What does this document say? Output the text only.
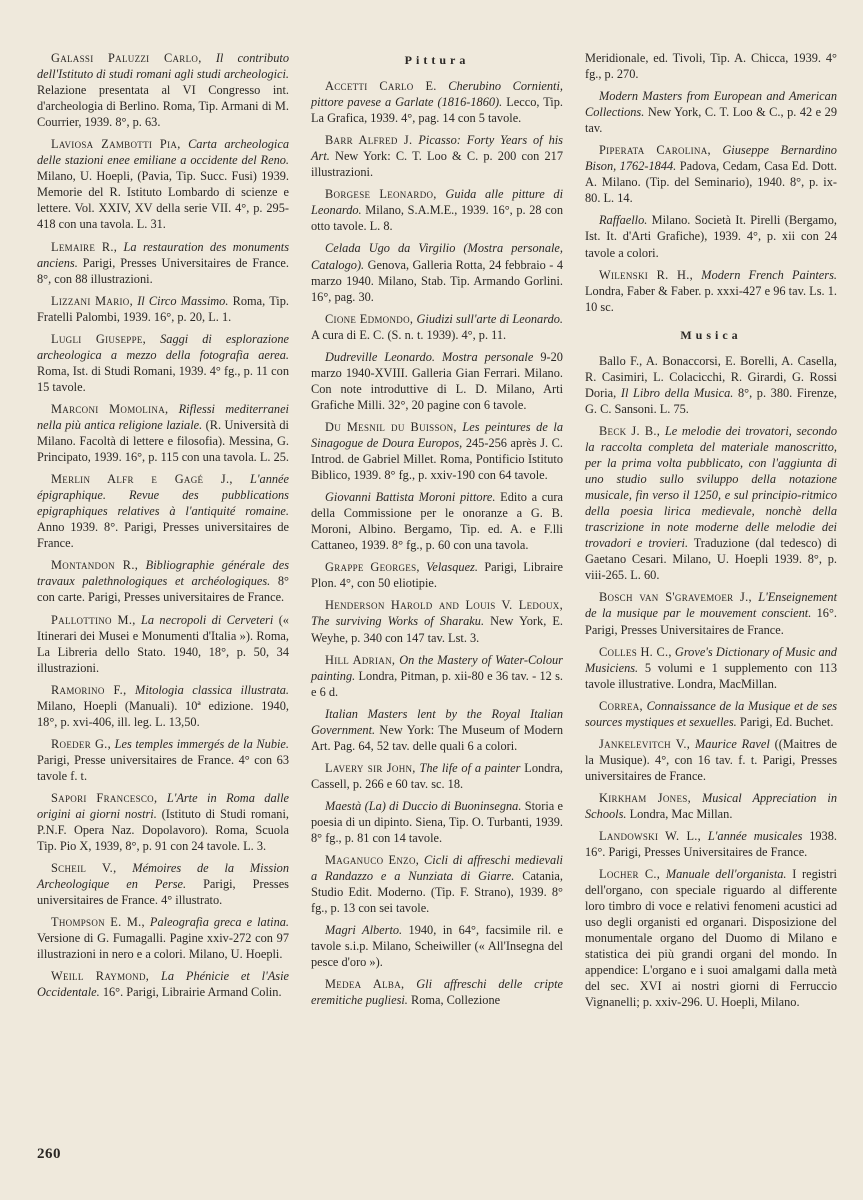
Galassi Paluzzi Carlo, Il contributo dell'Istituto di studi romani agli studi archeologici. Relazione presentata al VI Congresso int. d'archeologia di Berlino. Roma, Tip. Armani di M. Courrier, 1939. 8°, p. 63.

Laviosa Zambotti Pia, Carta archeologica delle stazioni enee emiliane a occidente del Reno. Milano, U. Hoepli, (Pavia, Tip. Succ. Fusi) 1939. Memorie del R. Istituto Lombardo di scienze e lettere. Vol. XXIV, XV della serie VII. 4°, p. 295-418 con una tavola. L. 31.

Lemaire R., La restauration des monuments anciens. Parigi, Presses Universitaires de France. 8°, con 88 illustrazioni.

Lizzani Mario, Il Circo Massimo. Roma, Tip. Fratelli Palombi, 1939. 16°, p. 20, L. 1.

Lugli Giuseppe, Saggi di esplorazione archeologica a mezzo della fotografia aerea. Roma, Ist. di Studi Romani, 1939. 4° fg., p. 11 con 15 tavole.

Marconi Momolina, Riflessi mediterranei nella più antica religione laziale. (R. Università di Milano. Facoltà di lettere e filosofia). Messina, G. Principato, 1939. 16°, p. 115 con una tavola. L. 25.

Merlin Alfr e Gagé J., L'année épigraphique. Revue des pubblications epigraphiques relatives à l'antiquité romaine. Anno 1939. 8°. Parigi, Presses universitaires de France.

Montandon R., Bibliographie générale des travaux palethnologiques et archéologiques. 8° con carte. Parigi, Presses universitaires de France.

Pallottino M., La necropoli di Cerveteri (« Itinerari dei Musei e Monumenti d'Italia »). Roma, La Libreria dello Stato. 1940, 18°, p. 50, 34 illustrazioni.

Ramorino F., Mitologia classica illustrata. Milano, Hoepli (Manuali). 10ª edizione. 1940, 18°, p. xvi-406, ill. leg. L. 13,50.

Roeder G., Les temples immergés de la Nubie. Parigi, Presse universitaires de France. 4° con 63 tavole f. t.

Sapori Francesco, L'Arte in Roma dalle origini ai giorni nostri. (Istituto di Studi romani, P.N.F. Opera Naz. Dopolavoro). Roma, Scuola Tip. Pio X, 1939, 8°, p. 91 con 24 tavole. L. 3.

Scheil V., Mémoires de la Mission Archeologique en Perse. Parigi, Presses universitaires de France. 4° illustrato.

Thompson E. M., Paleografia greca e latina. Versione di G. Fumagalli. Pagine xxiv-272 con 97 illustrazioni in nero e a colori. Milano, U. Hoepli.

Weill Raymond, La Phénicie et l'Asie Occidentale. 16°. Parigi, Librairie Armand Colin.

Pittura

Accetti Carlo E. Cherubino Cornienti, pittore pavese a Garlate (1816-1860). Lecco, Tip. La Grafica, 1939. 4°, pag. 14 con 5 tavole.

Barr Alfred J. Picasso: Forty Years of his Art. New York: C. T. Loo & C. p. 200 con 217 illustrazioni.

Borgese Leonardo, Guida alle pitture di Leonardo. Milano, S.A.M.E., 1939. 16°, p. 28 con otto tavole. L. 8.

Celada Ugo da Virgilio (Mostra personale, Catalogo). Genova, Galleria Rotta, 24 febbraio - 4 marzo 1940. Milano, Stab. Tip. Armando Gorlini. 16°, pag. 30.

Cione Edmondo, Giudizi sull'arte di Leonardo. A cura di E. C. (S. n. t. 1939). 4°, p. 11.

Dudreville Leonardo. Mostra personale 9-20 marzo 1940-XVIII. Galleria Gian Ferrari. Milano. Con note introduttive di L. D. Milano, Arti Grafiche Milli. 32°, 20 pagine con 6 tavole.

Du Mesnil du Buisson, Les peintures de la Sinagogue de Doura Europos, 245-256 après J. C. Introd. de Gabriel Millet. Roma, Pontificio Istituto Biblico, 1939. 8° fg., p. xxiv-190 con 64 tavole.

Giovanni Battista Moroni pittore. Edito a cura della Commissione per le onoranze a G. B. Moroni, Albino. Bergamo, Tip. ed. A. e F.lli Cattaneo, 1939. 8° fg., p. 60 con una tavola.

Grappe Georges, Velasquez. Parigi, Libraire Plon. 4°, con 50 eliotipie.

Henderson Harold and Louis V. Ledoux, The surviving Works of Sharaku. New York, E. Weyhe, p. 340 con 147 tav. Lst. 3.

Hill Adrian, On the Mastery of Water-Colour painting. Londra, Pitman, p. xii-80 e 36 tav. - 12 s. e 6 d.

Italian Masters lent by the Royal Italian Government. New York: The Museum of Modern Art. Pag. 64, 52 tav. delle quali 6 a colori.

Lavery sir John, The life of a painter Londra, Cassell, p. 266 e 60 tav. sc. 18.

Maestà (La) di Duccio di Buoninsegna. Storia e poesia di un dipinto. Siena, Tip. O. Turbanti, 1939. 8° fg., p. 81 con 14 tavole.

Maganuco Enzo, Cicli di affreschi medievali a Randazzo e a Nunziata di Giarre. Catania, Studio Edit. Moderno. (Tip. F. Strano), 1939. 8° fg., p. 13 con sei tavole.

Magri Alberto. 1940, in 64°, facsimile ril. e tavole s.i.p. Milano, Scheiwiller (« All'Insegna del pesce d'oro »).

Medea Alba, Gli affreschi delle cripte eremitiche pugliesi. Roma, Collezione

Meridionale, ed. Tivoli, Tip. A. Chicca, 1939. 4° fg., p. 270.

Modern Masters from European and American Collections. New York, C. T. Loo & C., p. 42 e 29 tav.

Piperata Carolina, Giuseppe Bernardino Bison, 1762-1844. Padova, Cedam, Casa Ed. Dott. A. Milano. (Tip. del Seminario), 1940. 8°, p. ix-80. L. 14.

Raffaello. Milano. Società It. Pirelli (Bergamo, Ist. It. d'Arti Grafiche), 1939. 4°, p. xii con 24 tavole a colori.

Wilenski R. H., Modern French Painters. Londra, Faber & Faber. p. xxxi-427 e 96 tav. Ls. 1. 10 sc.

Musica

Ballo F., A. Bonaccorsi, E. Borelli, A. Casella, R. Casimiri, L. Colacicchi, R. Girardi, G. Rossi Doria, Il Libro della Musica. 8°, p. 380. Firenze, G. C. Sansoni. L. 75.

Beck J. B., Le melodie dei trovatori, secondo la raccolta completa del materiale manoscritto, per la prima volta pubblicato, con l'aggiunta di uno studio sullo sviluppo della notazione musicale, fin verso il 1250, e sul principio-ritmico della poesia lirica medievale, nonchè della trascrizione in note moderne delle melodie dei trovadori e trovieri. Traduzione (dal tedesco) di Gaetano Cesari. Milano, U. Hoepli 1939. 8°, p. viii-265. L. 60.

Bosch van S'gravemoer J., L'Enseignement de la musique par le mouvement conscient. 16°. Parigi, Presses Universitaires de France.

Colles H. C., Grove's Dictionary of Music and Musiciens. 5 volumi e 1 supplemento con 113 tavole illustrative. Londra, MacMillan.

Correa, Connaissance de la Musique et de ses sources mystiques et sexuelles. Parigi, Ed. Buchet.

Jankelevitch V., Maurice Ravel ((Maitres de la Musique). 4°, con 16 tav. f. t. Parigi, Presses universitaires de France.

Kirkham Jones, Musical Appreciation in Schools. Londra, Mac Millan.

Landowski W. L., L'année musicales 1938. 16°. Parigi, Presses Universitaires de France.

Locher C., Manuale dell'organista. I registri dell'organo, con speciale riguardo al differente loro timbro di voce e relativi fenomeni acustici ad uso degli organisti ed organari. Disposizione del monumentale organo del Duomo di Milano e statistica dei più grandi organi del mondo. In appendice: L'organo e i suoi amalgami dalla metà del sec. XVI ai nostri giorni di Ferruccio Vignanelli; p. xxiv-296. U. Hoepli, Milano.

260
